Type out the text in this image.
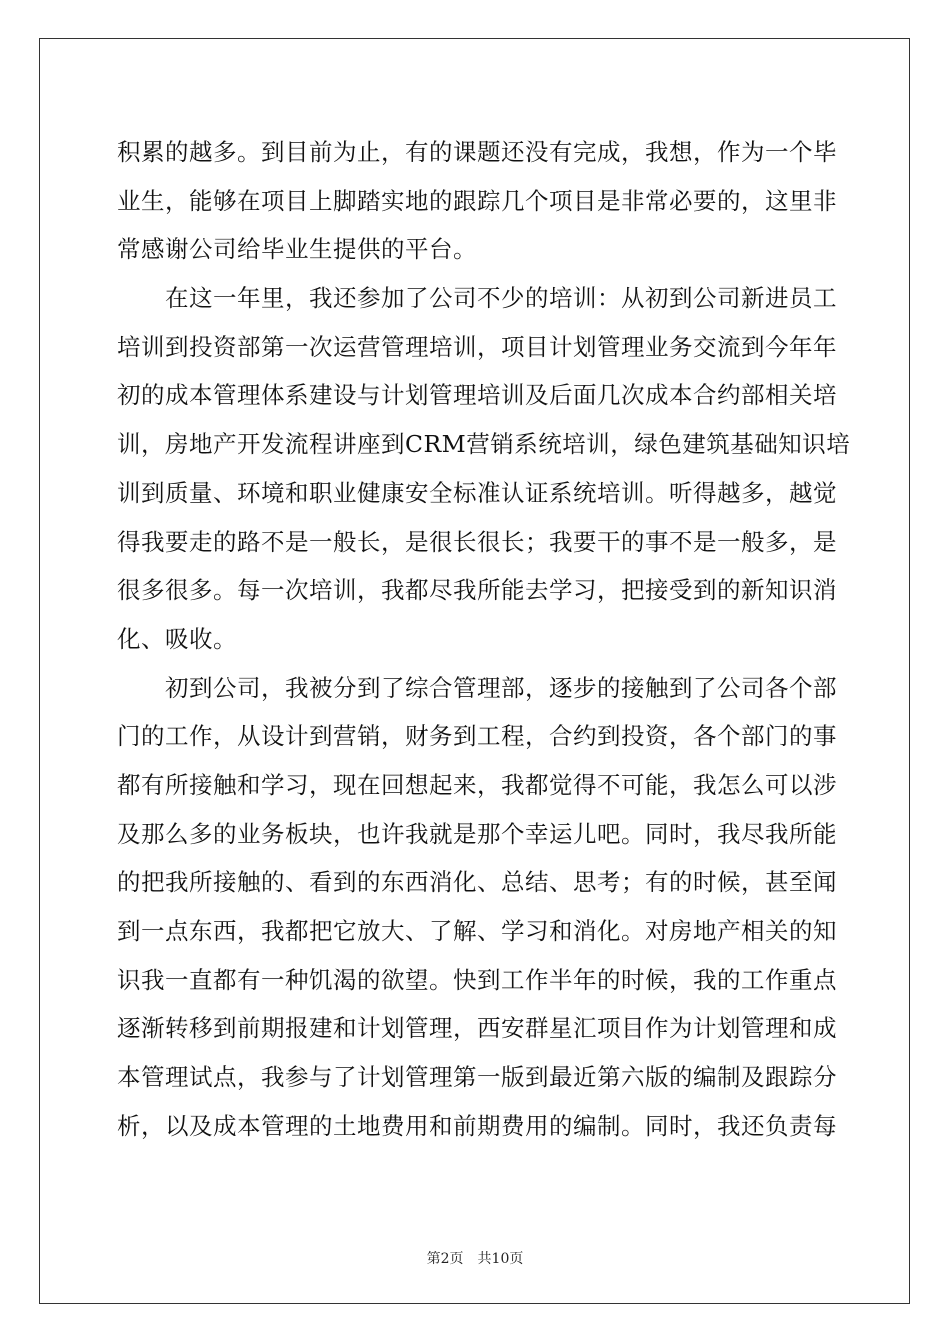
积累的越多。到目前为止，有的课题还没有完成，我想，作为一个毕
业生，能够在项目上脚踏实地的跟踪几个项目是非常必要的，这里非
常感谢公司给毕业生提供的平台。
　　在这一年里，我还参加了公司不少的培训：从初到公司新进员工
培训到投资部第一次运营管理培训，项目计划管理业务交流到今年年
初的成本管理体系建设与计划管理培训及后面几次成本合约部相关培
训，房地产开发流程讲座到CRM营销系统培训，绿色建筑基础知识培
训到质量、环境和职业健康安全标准认证系统培训。听得越多，越觉
得我要走的路不是一般长，是很长很长；我要干的事不是一般多，是
很多很多。每一次培训，我都尽我所能去学习，把接受到的新知识消
化、吸收。
　　初到公司，我被分到了综合管理部，逐步的接触到了公司各个部
门的工作，从设计到营销，财务到工程，合约到投资，各个部门的事
都有所接触和学习，现在回想起来，我都觉得不可能，我怎么可以涉
及那么多的业务板块，也许我就是那个幸运儿吧。同时，我尽我所能
的把我所接触的、看到的东西消化、总结、思考；有的时候，甚至闻
到一点东西，我都把它放大、了解、学习和消化。对房地产相关的知
识我一直都有一种饥渴的欲望。快到工作半年的时候，我的工作重点
逐渐转移到前期报建和计划管理，西安群星汇项目作为计划管理和成
本管理试点，我参与了计划管理第一版到最近第六版的编制及跟踪分
析，以及成本管理的土地费用和前期费用的编制。同时，我还负责每
第2页　共10页
